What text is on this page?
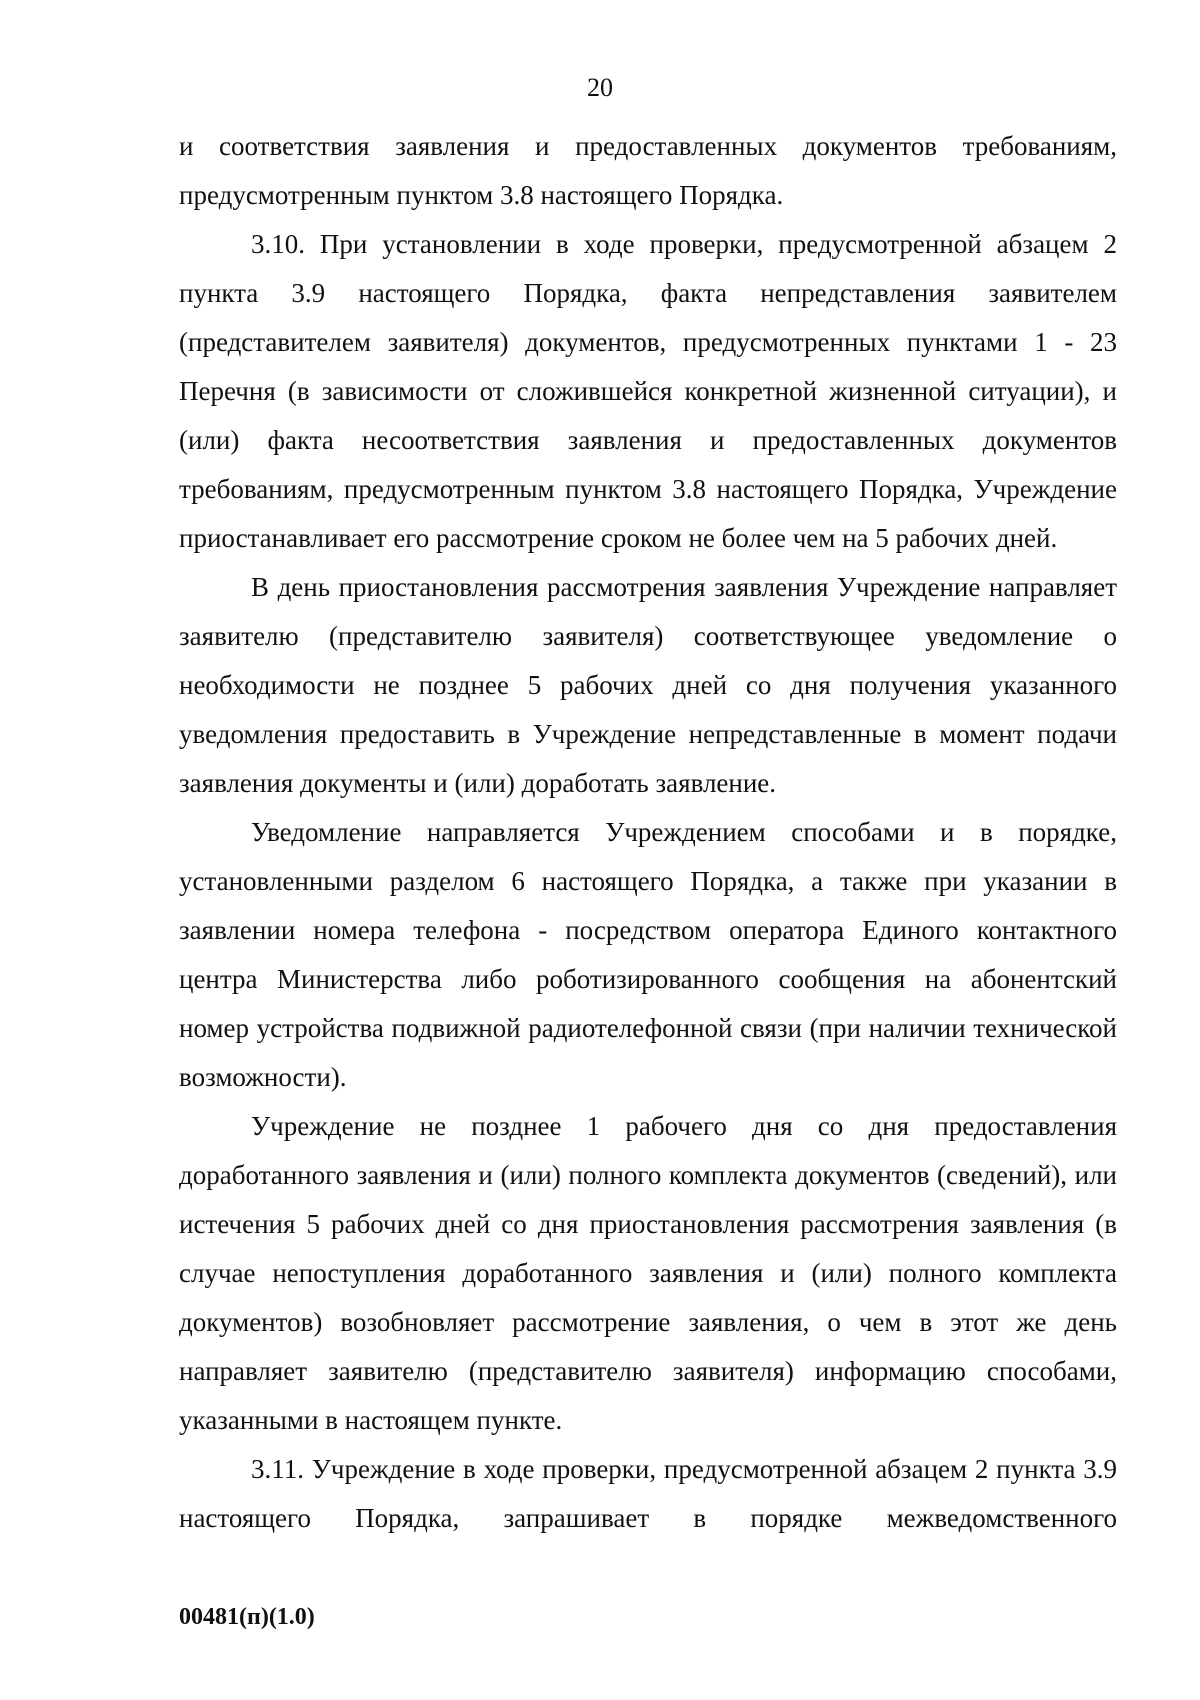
20

и соответствия заявления и предоставленных документов требованиям, предусмотренным пунктом 3.8 настоящего Порядка.

3.10. При установлении в ходе проверки, предусмотренной абзацем 2 пункта 3.9 настоящего Порядка, факта непредставления заявителем (представителем заявителя) документов, предусмотренных пунктами 1 - 23 Перечня (в зависимости от сложившейся конкретной жизненной ситуации), и (или) факта несоответствия заявления и предоставленных документов требованиям, предусмотренным пунктом 3.8 настоящего Порядка, Учреждение приостанавливает его рассмотрение сроком не более чем на 5 рабочих дней.

В день приостановления рассмотрения заявления Учреждение направляет заявителю (представителю заявителя) соответствующее уведомление о необходимости не позднее 5 рабочих дней со дня получения указанного уведомления предоставить в Учреждение непредставленные в момент подачи заявления документы и (или) доработать заявление.

Уведомление направляется Учреждением способами и в порядке, установленными разделом 6 настоящего Порядка, а также при указании в заявлении номера телефона - посредством оператора Единого контактного центра Министерства либо роботизированного сообщения на абонентский номер устройства подвижной радиотелефонной связи (при наличии технической возможности).

Учреждение не позднее 1 рабочего дня со дня предоставления доработанного заявления и (или) полного комплекта документов (сведений), или истечения 5 рабочих дней со дня приостановления рассмотрения заявления (в случае непоступления доработанного заявления и (или) полного комплекта документов) возобновляет рассмотрение заявления, о чем в этот же день направляет заявителю (представителю заявителя) информацию способами, указанными в настоящем пункте.

3.11. Учреждение в ходе проверки, предусмотренной абзацем 2 пункта 3.9 настоящего Порядка, запрашивает в порядке межведомственного

00481(п)(1.0)
